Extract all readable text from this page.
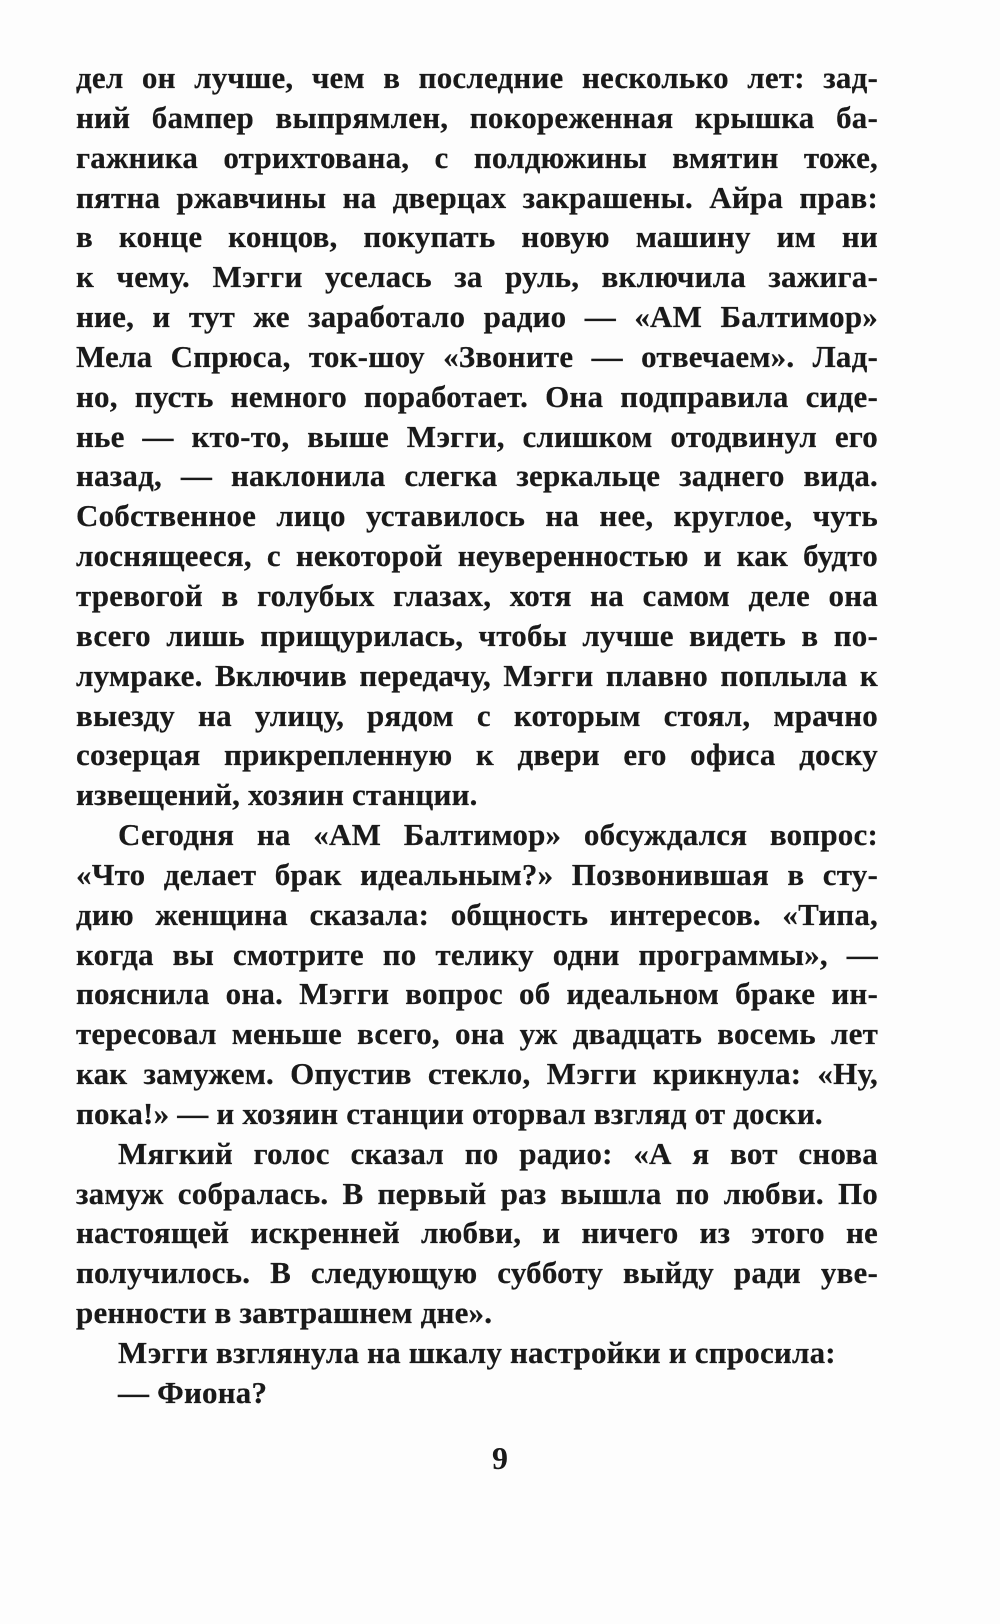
дел он лучше, чем в последние несколько лет: зад-
ний бампер выпрямлен, покореженная крышка ба-
гажника отрихтована, с полдюжины вмятин тоже,
пятна ржавчины на дверцах закрашены. Айра прав:
в конце концов, покупать новую машину им ни
к чему. Мэгги уселась за руль, включила зажига-
ние, и тут же заработало радио — «АМ Балтимор»
Мела Спрюса, ток-шоу «Звоните — отвечаем». Лад-
но, пусть немного поработает. Она подправила сиде-
нье — кто-то, выше Мэгги, слишком отодвинул его
назад, — наклонила слегка зеркальце заднего вида.
Собственное лицо уставилось на нее, круглое, чуть
лоснящееся, с некоторой неуверенностью и как будто
тревогой в голубых глазах, хотя на самом деле она
всего лишь прищурилась, чтобы лучше видеть в по-
лумраке. Включив передачу, Мэгги плавно поплыла к
выезду на улицу, рядом с которым стоял, мрачно
созерцая прикрепленную к двери его офиса доску
извещений, хозяин станции.
Сегодня на «АМ Балтимор» обсуждался вопрос:
«Что делает брак идеальным?» Позвонившая в сту-
дию женщина сказала: общность интересов. «Типа,
когда вы смотрите по телику одни программы», —
пояснила она. Мэгги вопрос об идеальном браке ин-
тересовал меньше всего, она уж двадцать восемь лет
как замужем. Опустив стекло, Мэгги крикнула: «Ну,
пока!» — и хозяин станции оторвал взгляд от доски.
Мягкий голос сказал по радио: «А я вот снова
замуж собралась. В первый раз вышла по любви. По
настоящей искренней любви, и ничего из этого не
получилось. В следующую субботу выйду ради уве-
ренности в завтрашнем дне».
Мэгги взглянула на шкалу настройки и спросила:
— Фиона?
9
